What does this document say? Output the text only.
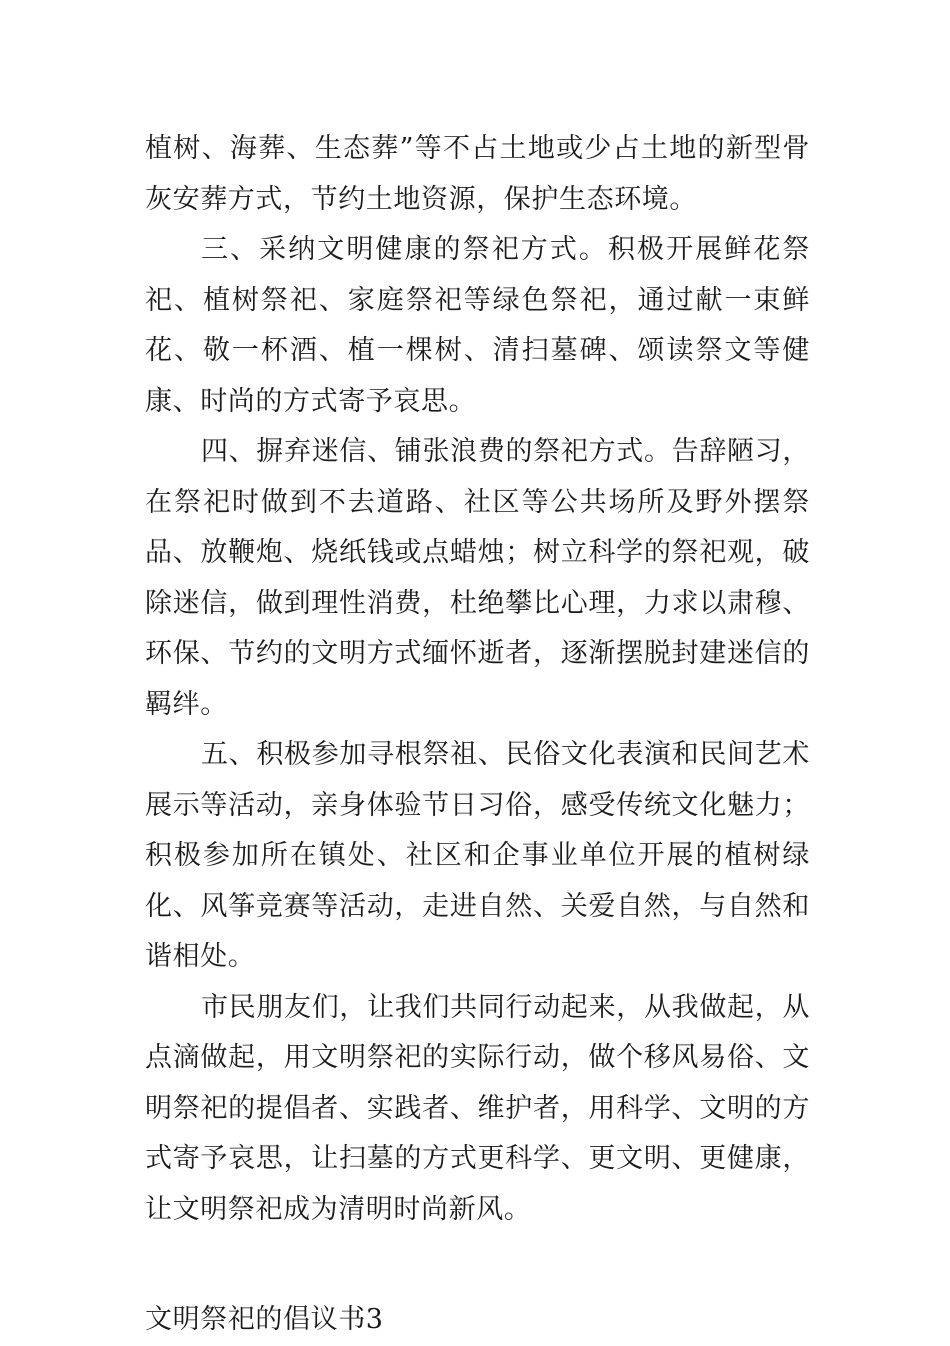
植树、海葬、生态葬”等不占土地或少占土地的新型骨灰安葬方式，节约土地资源，保护生态环境。

三、采纳文明健康的祭祀方式。积极开展鲜花祭祀、植树祭祀、家庭祭祀等绿色祭祀，通过献一束鲜花、敬一杯酒、植一棵树、清扫墓碑、颂读祭文等健康、时尚的方式寄予哀思。

四、摒弃迷信、铺张浪费的祭祀方式。告辞陋习，在祭祀时做到不去道路、社区等公共场所及野外摆祭品、放鞭炮、烧纸钱或点蜡烛；树立科学的祭祀观，破除迷信，做到理性消费，杜绝攀比心理，力求以肃穆、环保、节约的文明方式缅怀逝者，逐渐摆脱封建迷信的羁绊。

五、积极参加寻根祭祖、民俗文化表演和民间艺术展示等活动，亲身体验节日习俗，感受传统文化魅力；积极参加所在镇处、社区和企事业单位开展的植树绿化、风筝竞赛等活动，走进自然、关爱自然，与自然和谐相处。

市民朋友们，让我们共同行动起来，从我做起，从点滴做起，用文明祭祀的实际行动，做个移风易俗、文明祭祀的提倡者、实践者、维护者，用科学、文明的方式寄予哀思，让扫墓的方式更科学、更文明、更健康，让文明祭祀成为清明时尚新风。

文明祭祀的倡议书3
